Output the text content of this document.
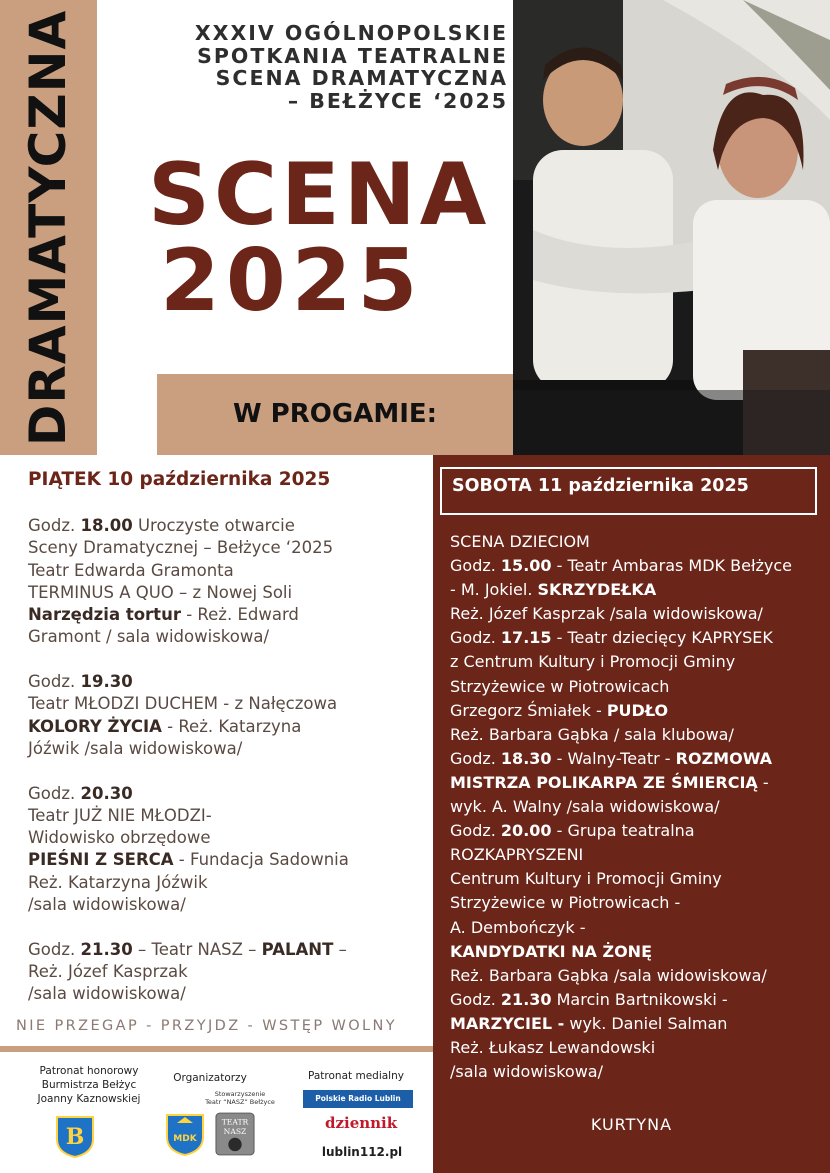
DRAMATYCZNA	XXXIV OGÓLNOPOLSKIE
SPOTKANIA TEATRALNE
SCENA DRAMATYCZNA
– BEŁŻYCE ‘2025
SCENA
2025
W PROGAMIE:
PIĄTEK 10 października 2025
Godz. 18.00 Uroczyste otwarcie
Sceny Dramatycznej – Bełżyce ‘2025
Teatr Edwarda Gramonta
TERMINUS A QUO – z Nowej Soli
Narzędzia tortur - Reż. Edward
Gramont / sala widowiskowa/
Godz. 19.30
Teatr MŁODZI DUCHEM - z Nałęczowa
KOLORY ŻYCIA - Reż. Katarzyna
Jóźwik /sala widowiskowa/
Godz. 20.30
Teatr JUŻ NIE MŁODZI-
Widowisko obrzędowe
PIEŚNI Z SERCA - Fundacja Sadownia
Reż. Katarzyna Jóźwik
/sala widowiskowa/
Godz. 21.30 – Teatr NASZ – PALANT –
Reż. Józef Kasprzak
/sala widowiskowa/
NIE PRZEGAP - PRZYJDZ - WSTĘP WOLNY
SOBOTA 11 października 2025
SCENA DZIECIOM
Godz. 15.00 - Teatr Ambaras MDK Bełżyce
- M. Jokiel. SKRZYDEŁKA
Reż. Józef Kasprzak /sala widowiskowa/
Godz. 17.15 - Teatr dziecięcy KAPRYSEK
z Centrum Kultury i Promocji Gminy
Strzyżewice w Piotrowicach
Grzegorz Śmiałek - PUDŁO
Reż. Barbara Gąbka / sala klubowa/
Godz. 18.30 - Walny-Teatr - ROZMOWA
MISTRZA POLIKARPA ZE ŚMIERCIĄ -
wyk. A. Walny /sala widowiskowa/
Godz. 20.00 - Grupa teatralna
ROZKAPRYSZENI
Centrum Kultury i Promocji Gminy
Strzyżewice w Piotrowicach -
A. Dembończyk -
KANDYDATKI NA ŻONĘ
Reż. Barbara Gąbka /sala widowiskowa/
Godz. 21.30 Marcin Bartnikowski -
MARZYCIEL - wyk. Daniel Salman
Reż. Łukasz Lewandowski
/sala widowiskowa/
KURTYNA
Patronat honorowy
Burmistrza Bełżyc
Joanny Kaznowskiej
B
Organizatorzy
Stowarzyszenie
Teatr “NASZ” Bełżyce
MDK
TEATR
NASZ
Patronat medialny
Polskie Radio Lublin
dziennik
lublin112.pl
